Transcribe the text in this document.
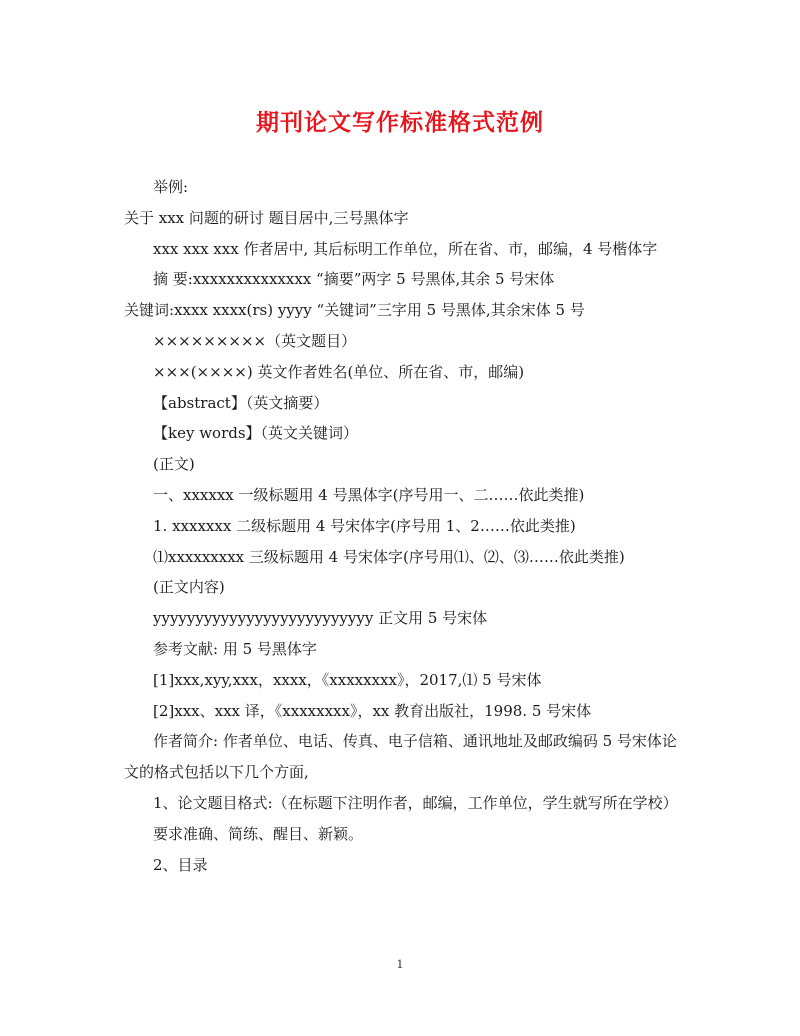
期刊论文写作标准格式范例
举例:
关于 xxx 问题的研讨 题目居中,三号黑体字
xxx xxx xxx 作者居中, 其后标明工作单位，所在省、市，邮编，4 号楷体字
摘 要:xxxxxxxxxxxxxx “摘要”两字 5 号黑体,其余 5 号宋体
关键词:xxxx xxxx(rs) yyyy “关键词”三字用 5 号黑体,其余宋体 5 号
×××××××××（英文题目）
×××(××××) 英文作者姓名(单位、所在省、市，邮编)
【abstract】（英文摘要）
【key words】（英文关键词）
(正文)
一、xxxxxx 一级标题用 4 号黑体字(序号用一、二……依此类推)
1. xxxxxxx 二级标题用 4 号宋体字(序号用 1、2……依此类推)
⑴xxxxxxxxx 三级标题用 4 号宋体字(序号用⑴、⑵、⑶……依此类推)
(正文内容)
yyyyyyyyyyyyyyyyyyyyyyyyyy 正文用 5 号宋体
参考文献: 用 5 号黑体字
[1]xxx,xyy,xxx，xxxx，《xxxxxxxx》，2017,⑴ 5 号宋体
[2]xxx、xxx 译，《xxxxxxxx》，xx 教育出版社，1998. 5 号宋体
作者简介: 作者单位、电话、传真、电子信箱、通讯地址及邮政编码 5 号宋体论文的格式包括以下几个方面,
1、论文题目格式:（在标题下注明作者，邮编，工作单位，学生就写所在学校）
要求准确、简练、醒目、新颖。
2、目录
1
